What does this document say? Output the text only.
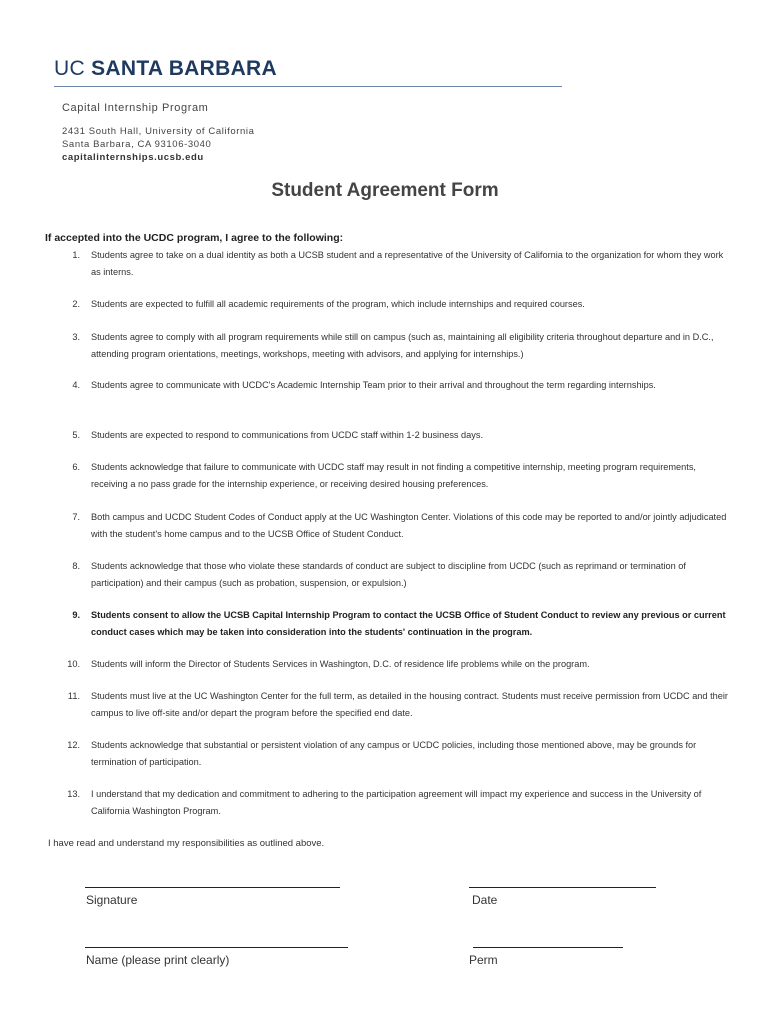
UC SANTA BARBARA
Capital Internship Program
2431 South Hall, University of California
Santa Barbara, CA 93106-3040
capitalinternships.ucsb.edu
Student Agreement Form
If accepted into the UCDC program, I agree to the following:
1. Students agree to take on a dual identity as both a UCSB student and a representative of the University of California to the organization for whom they work as interns.
2. Students are expected to fulfill all academic requirements of the program, which include internships and required courses.
3. Students agree to comply with all program requirements while still on campus (such as, maintaining all eligibility criteria throughout departure and in D.C., attending program orientations, meetings, workshops, meeting with advisors, and applying for internships.)
4. Students agree to communicate with UCDC's Academic Internship Team prior to their arrival and throughout the term regarding internships.
5. Students are expected to respond to communications from UCDC staff within 1-2 business days.
6. Students acknowledge that failure to communicate with UCDC staff may result in not finding a competitive internship, meeting program requirements, receiving a no pass grade for the internship experience, or receiving desired housing preferences.
7. Both campus and UCDC Student Codes of Conduct apply at the UC Washington Center. Violations of this code may be reported to and/or jointly adjudicated with the student's home campus and to the UCSB Office of Student Conduct.
8. Students acknowledge that those who violate these standards of conduct are subject to discipline from UCDC (such as reprimand or termination of participation) and their campus (such as probation, suspension, or expulsion.)
9. Students consent to allow the UCSB Capital Internship Program to contact the UCSB Office of Student Conduct to review any previous or current conduct cases which may be taken into consideration into the students' continuation in the program.
10. Students will inform the Director of Students Services in Washington, D.C. of residence life problems while on the program.
11. Students must live at the UC Washington Center for the full term, as detailed in the housing contract. Students must receive permission from UCDC and their campus to live off-site and/or depart the program before the specified end date.
12. Students acknowledge that substantial or persistent violation of any campus or UCDC policies, including those mentioned above, may be grounds for termination of participation.
13. I understand that my dedication and commitment to adhering to the participation agreement will impact my experience and success in the University of California Washington Program.
I have read and understand my responsibilities as outlined above.
Signature	Date
Name (please print clearly)	Perm
